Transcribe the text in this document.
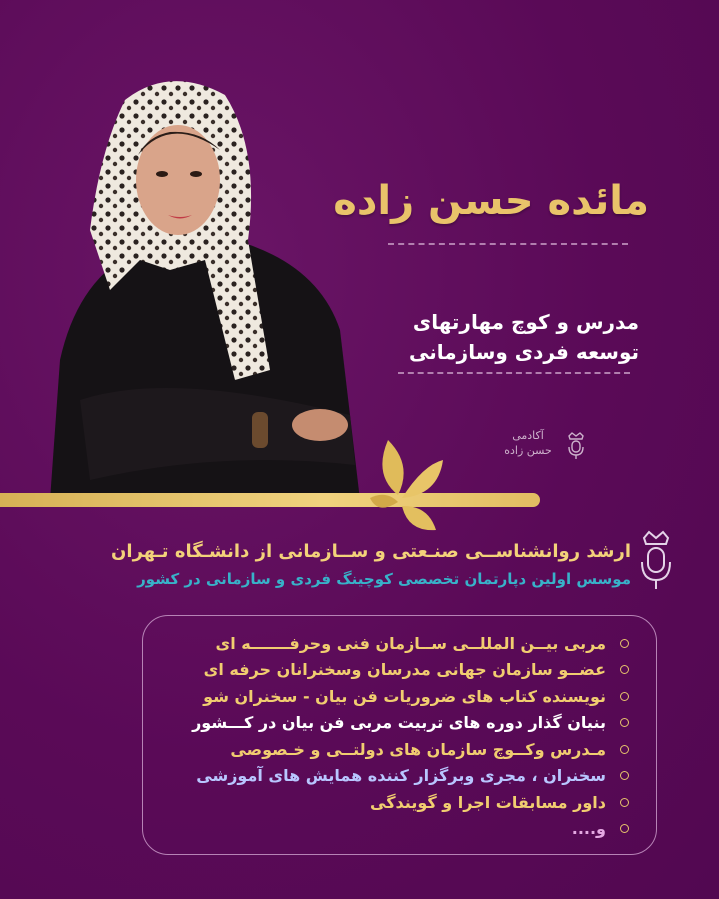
مائده حسن زاده
مدرس و کوچ مهارتهای
توسعه فردی وسازمانی
آکادمی
حسن زاده
ارشد روانشناســی صنـعتی و ســازمانی از دانشـگاه تـهران
موسس اولین دپارتمان تخصصی کوچینگ فردی و سازمانی در کشور
مربی بیــن المللــی ســازمان فنی وحرفـــــــه ای
عضــو سازمان جهانی مدرسان وسخنرانان حرفه ای
نویسنده کتاب های ضروریات فن بیان - سخنران شو
بنیان گذار دوره های تربیت مربی فن بیان در کـــشور
مـدرس وکــوچ سازمان های دولتــی و خـصوصی
سخنران ، مجری وبرگزار کننده همایش های آموزشی
داور مسابقات اجرا و گویندگی
و....
